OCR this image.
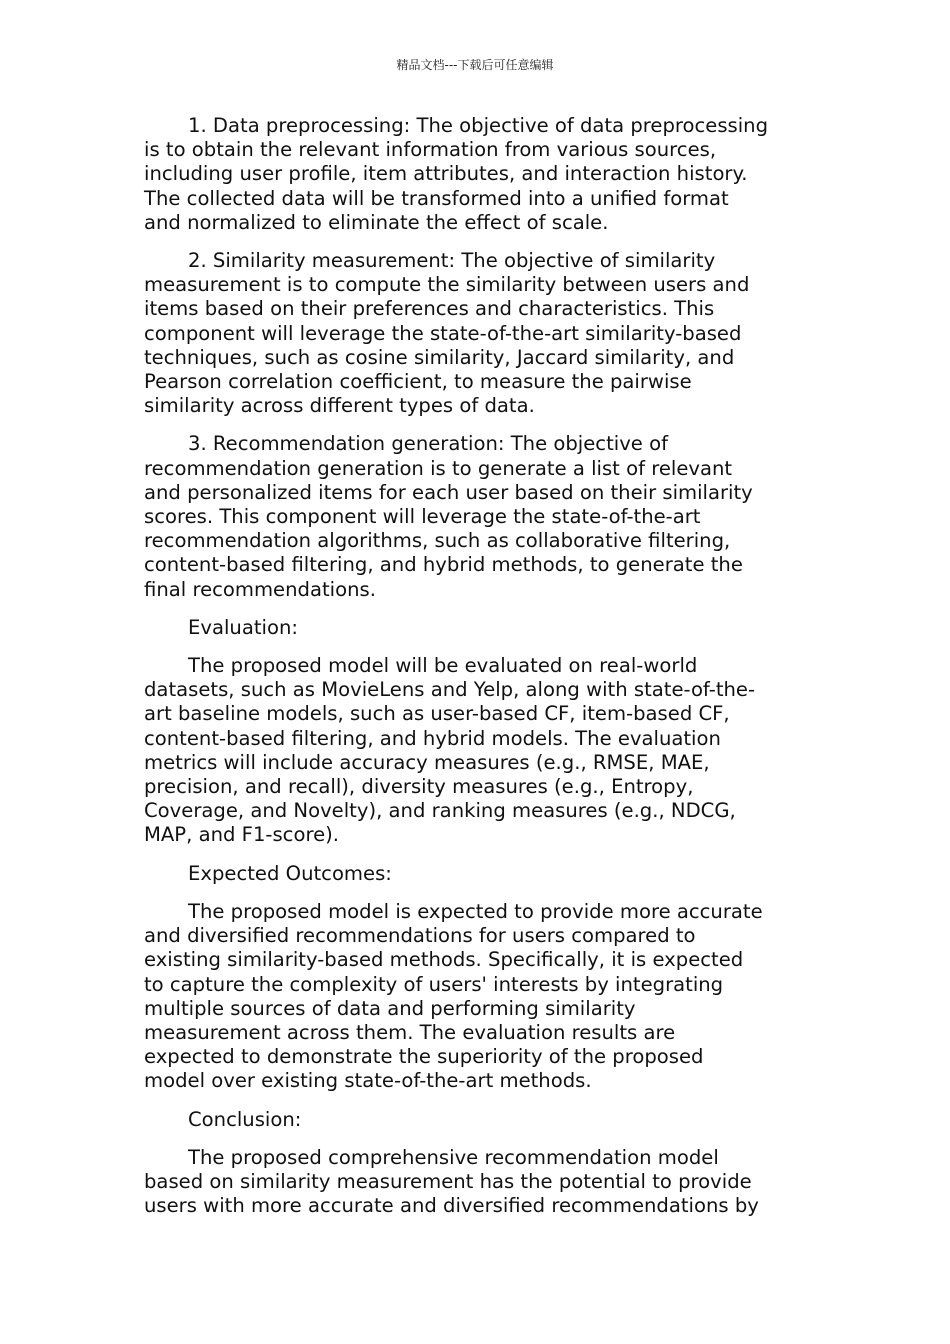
精品文档---下载后可任意编辑

1. Data preprocessing: The objective of data preprocessing
is to obtain the relevant information from various sources,
including user profile, item attributes, and interaction history.
The collected data will be transformed into a unified format
and normalized to eliminate the effect of scale.

2. Similarity measurement: The objective of similarity
measurement is to compute the similarity between users and
items based on their preferences and characteristics. This
component will leverage the state-of-the-art similarity-based
techniques, such as cosine similarity, Jaccard similarity, and
Pearson correlation coefficient, to measure the pairwise
similarity across different types of data.

3. Recommendation generation: The objective of
recommendation generation is to generate a list of relevant
and personalized items for each user based on their similarity
scores. This component will leverage the state-of-the-art
recommendation algorithms, such as collaborative filtering,
content-based filtering, and hybrid methods, to generate the
final recommendations.

Evaluation:

The proposed model will be evaluated on real-world
datasets, such as MovieLens and Yelp, along with state-of-the-
art baseline models, such as user-based CF, item-based CF,
content-based filtering, and hybrid models. The evaluation
metrics will include accuracy measures (e.g., RMSE, MAE,
precision, and recall), diversity measures (e.g., Entropy,
Coverage, and Novelty), and ranking measures (e.g., NDCG,
MAP, and F1-score).

Expected Outcomes:

The proposed model is expected to provide more accurate
and diversified recommendations for users compared to
existing similarity-based methods. Specifically, it is expected
to capture the complexity of users' interests by integrating
multiple sources of data and performing similarity
measurement across them. The evaluation results are
expected to demonstrate the superiority of the proposed
model over existing state-of-the-art methods.

Conclusion:

The proposed comprehensive recommendation model
based on similarity measurement has the potential to provide
users with more accurate and diversified recommendations by
